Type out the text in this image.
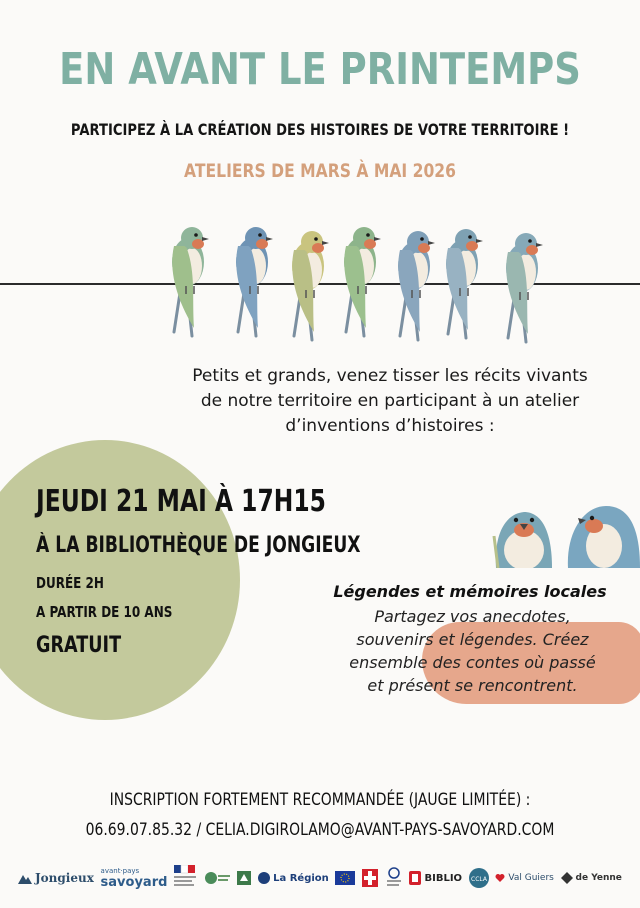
EN AVANT LE PRINTEMPS
PARTICIPEZ À LA CRÉATION DES HISTOIRES DE VOTRE TERRITOIRE !
ATELIERS DE MARS À MAI 2026
Petits et grands, venez tisser les récits vivants
de notre territoire en participant à un atelier
d’inventions d’histoires :
JEUDI 21 MAI À 17H15
À LA BIBLIOTHÈQUE DE JONGIEUX
DURÉE 2H
A PARTIR DE 10 ANS
GRATUIT
Légendes et mémoires locales
Partagez vos anecdotes,
souvenirs et légendes. Créez
ensemble des contes où passé
et présent se rencontrent.
INSCRIPTION FORTEMENT RECOMMANDÉE (JAUGE LIMITÉE) :
06.69.07.85.32 / CELIA.DIGIROLAMO@AVANT-PAYS-SAVOYARD.COM
Jongieux
avant·pays
savoyard	La Région	BIBLIO CCLA Val Guiers de Yenne
